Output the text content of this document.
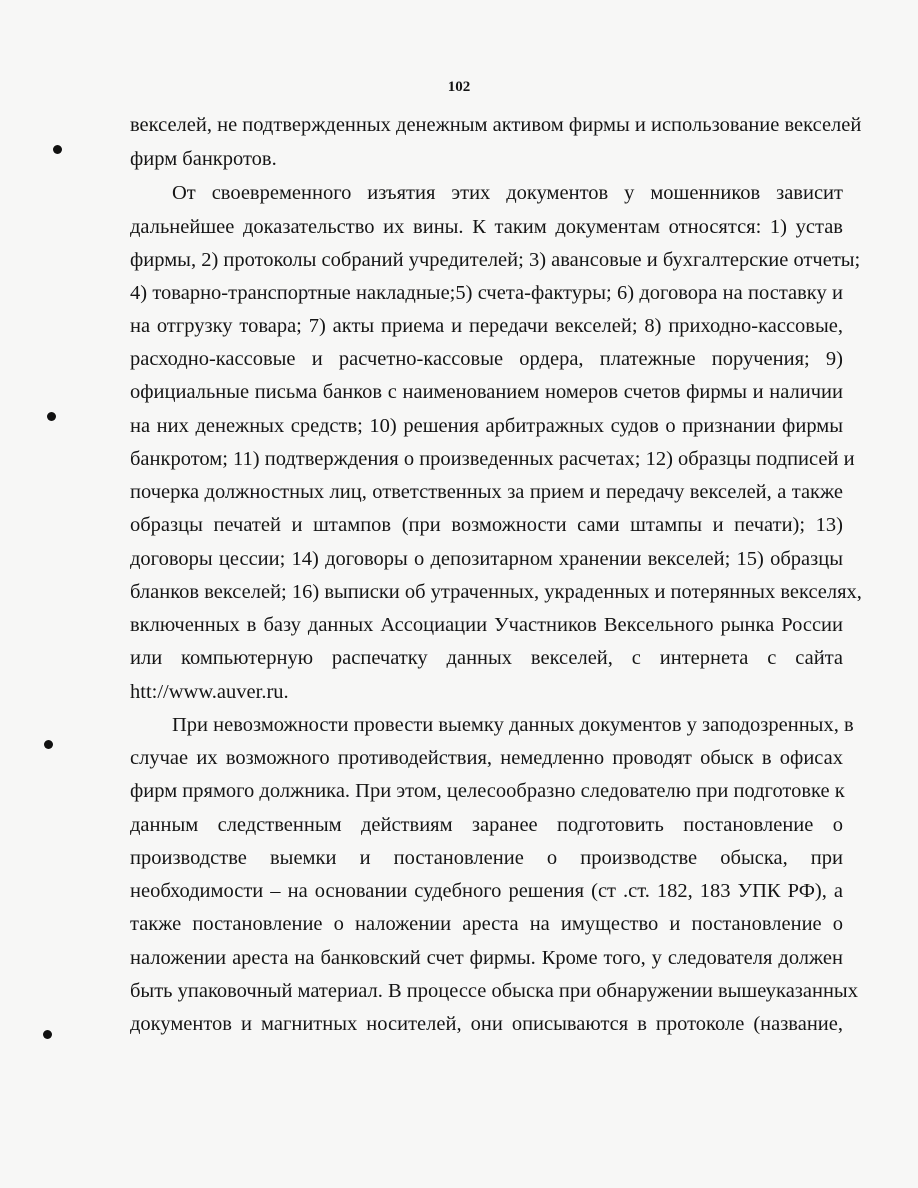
102
векселей, не подтвержденных денежным активом фирмы и использование векселей
фирм банкротов.
От своевременного изъятия этих документов у мошенников зависит
дальнейшее доказательство их вины. К таким документам относятся: 1) устав
фирмы, 2) протоколы собраний учредителей; 3) авансовые и бухгалтерские отчеты;
4) товарно-транспортные накладные;5) счета-фактуры; 6) договора на поставку и
на отгрузку товара; 7) акты приема и передачи векселей; 8) приходно-кассовые,
расходно-кассовые и расчетно-кассовые ордера, платежные поручения; 9)
официальные письма банков с наименованием номеров счетов фирмы и наличии
на них денежных средств; 10) решения арбитражных судов о признании фирмы
банкротом; 11) подтверждения о произведенных расчетах; 12) образцы подписей и
почерка должностных лиц, ответственных за прием и передачу векселей, а также
образцы печатей и штампов (при возможности сами штампы и печати); 13)
договоры цессии; 14) договоры о депозитарном хранении векселей; 15) образцы
бланков векселей; 16) выписки об утраченных, украденных и потерянных векселях,
включенных в базу данных Ассоциации Участников Вексельного рынка России
или компьютерную распечатку данных векселей, с интернета с сайта
htt://www.auver.ru.
При невозможности провести выемку данных документов у заподозренных, в
случае их возможного противодействия, немедленно проводят обыск в офисах
фирм прямого должника. При этом, целесообразно следователю при подготовке к
данным следственным действиям заранее подготовить постановление о
производстве выемки и постановление о производстве обыска, при
необходимости – на основании судебного решения (ст .ст. 182, 183 УПК РФ), а
также постановление о наложении ареста на имущество и постановление о
наложении ареста на банковский счет фирмы. Кроме того, у следователя должен
быть упаковочный материал. В процессе обыска при обнаружении вышеуказанных
документов и магнитных носителей, они описываются в протоколе (название,
